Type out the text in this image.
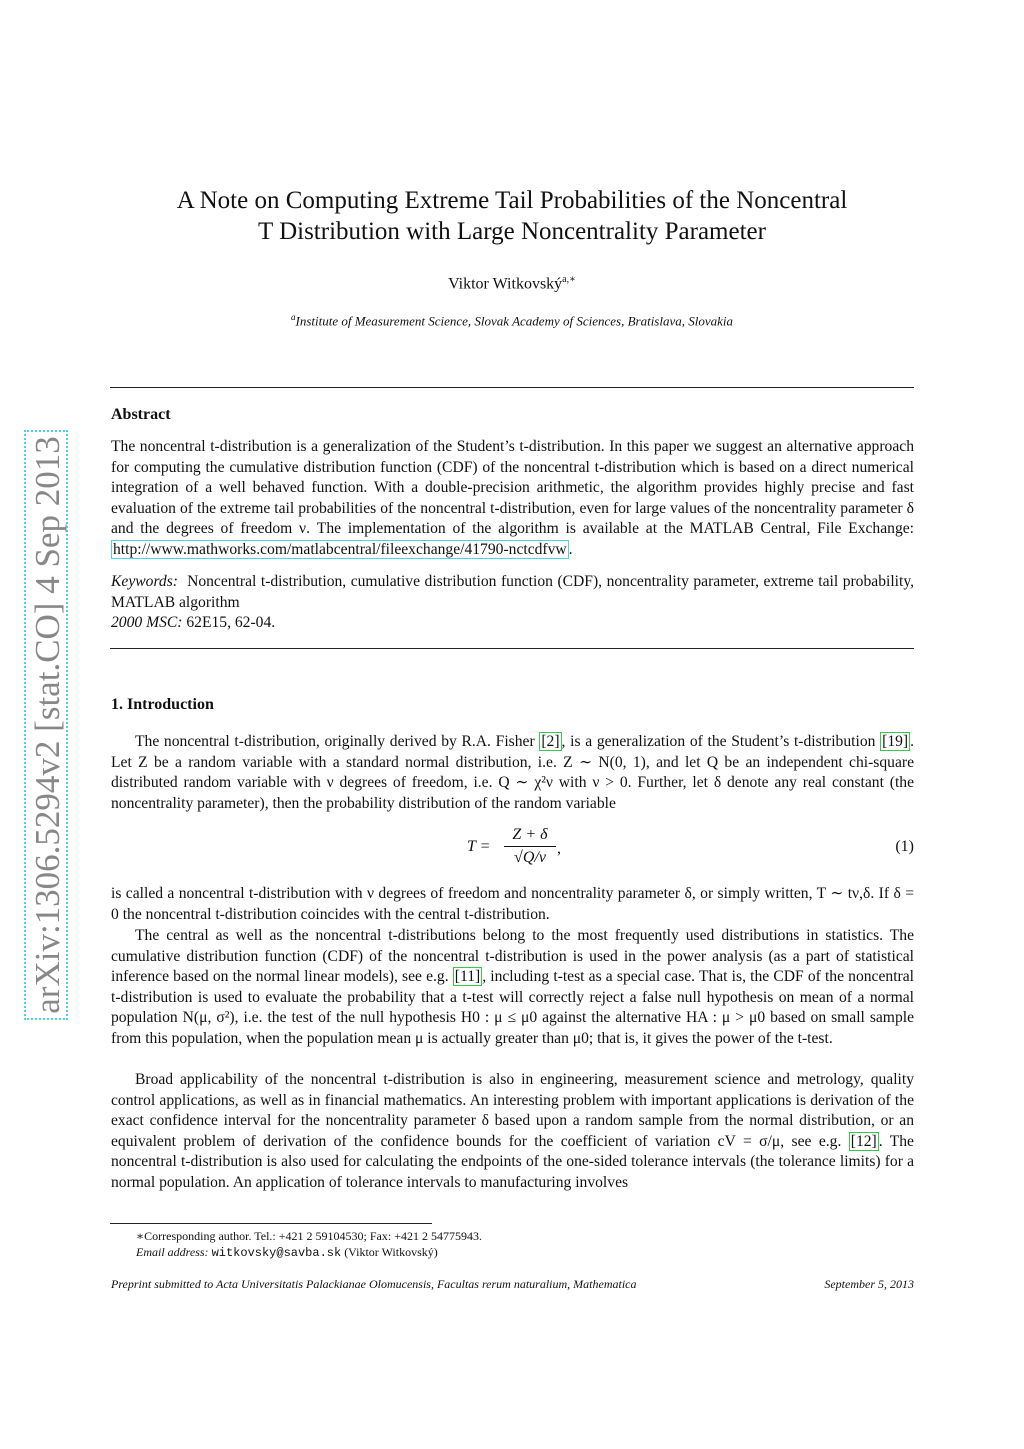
arXiv:1306.5294v2 [stat.CO] 4 Sep 2013
A Note on Computing Extreme Tail Probabilities of the Noncentral
T Distribution with Large Noncentrality Parameter
Viktor Witkovský$^{a,∗}$
$^a$Institute of Measurement Science, Slovak Academy of Sciences, Bratislava, Slovakia
Abstract
The noncentral t-distribution is a generalization of the Student’s t-distribution. In this paper we suggest an alternative approach for computing the cumulative distribution function (CDF) of the noncentral t-distribution which is based on a direct numerical integration of a well behaved function. With a double-precision arithmetic, the algorithm provides highly precise and fast evaluation of the extreme tail probabilities of the noncentral t-distribution, even for large values of the noncentrality parameter δ and the degrees of freedom ν. The implementation of the algorithm is available at the MATLAB Central, File Exchange: http://www.mathworks.com/matlabcentral/fileexchange/41790-nctcdfvw .
Keywords: Noncentral t-distribution, cumulative distribution function (CDF), noncentrality parameter, extreme tail probability, MATLAB algorithm
2000 MSC: 62E15, 62-04.
1. Introduction
The noncentral t-distribution, originally derived by R.A. Fisher [2] , is a generalization of the Student’s t-distribution [19] . Let Z be a random variable with a standard normal distribution, i.e. Z ∼ N(0, 1), and let Q be an independent chi-square distributed random variable with ν degrees of freedom, i.e. Q ∼ χ²ν with ν > 0. Further, let δ denote any real constant (the noncentrality parameter), then the probability distribution of the random variable
T =
Z + δ
√Q/ν
,	(1)
is called a noncentral t-distribution with ν degrees of freedom and noncentrality parameter δ, or simply written, T ∼ tν,δ. If δ = 0 the noncentral t-distribution coincides with the central t-distribution.
The central as well as the noncentral t-distributions belong to the most frequently used distributions in statistics. The cumulative distribution function (CDF) of the noncentral t-distribution is used in the power analysis (as a part of statistical inference based on the normal linear models), see e.g. [11] , including t-test as a special case. That is, the CDF of the noncentral t-distribution is used to evaluate the probability that a t-test will correctly reject a false null hypothesis on mean of a normal population N(μ, σ²), i.e. the test of the null hypothesis H0 : μ ≤ μ0 against the alternative HA : μ > μ0 based on small sample from this population, when the population mean μ is actually greater than μ0; that is, it gives the power of the t-test.
Broad applicability of the noncentral t-distribution is also in engineering, measurement science and metrology, quality control applications, as well as in financial mathematics. An interesting problem with important applications is derivation of the exact confidence interval for the noncentrality parameter δ based upon a random sample from the normal distribution, or an equivalent problem of derivation of the confidence bounds for the coefficient of variation cV = σ/μ, see e.g. [12] . The noncentral t-distribution is also used for calculating the endpoints of the one-sided tolerance intervals (the tolerance limits) for a normal population. An application of tolerance intervals to manufacturing involves
∗Corresponding author. Tel.: +421 2 59104530; Fax: +421 2 54775943.
Email address: witkovsky@savba.sk (Viktor Witkovský)
Preprint submitted to Acta Universitatis Palackianae Olomucensis, Facultas rerum naturalium, Mathematica	September 5, 2013
